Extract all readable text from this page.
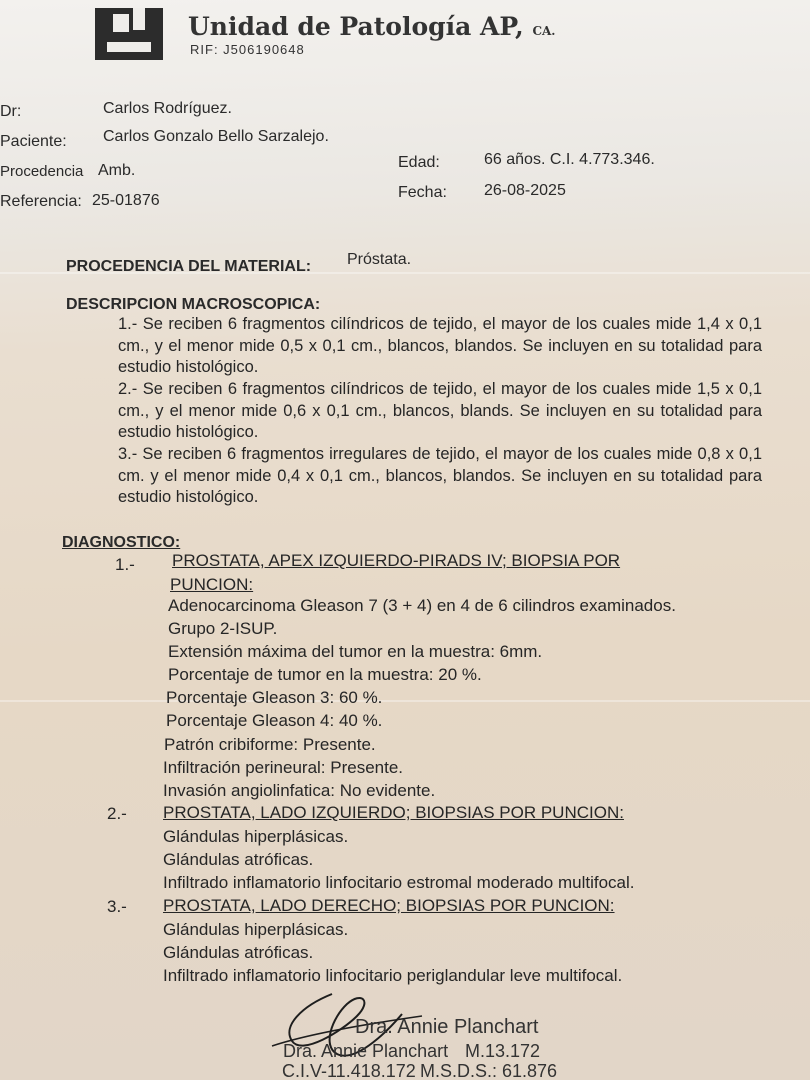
Unidad de Patología AP, CA.
RIF: J506190648
Dr:	Carlos Rodríguez.
Paciente: Carlos Gonzalo Bello Sarzalejo.
Procedencia Amb.
Referencia: 25-01876
Edad:	66 años. C.I. 4.773.346.
Fecha: 26-08-2025
PROCEDENCIA DEL MATERIAL: Próstata.
DESCRIPCION MACROSCOPICA:
1.- Se reciben 6 fragmentos cilíndricos de tejido, el mayor de los cuales mide 1,4 x 0,1 cm., y el menor mide 0,5 x 0,1 cm., blancos, blandos. Se incluyen en su totalidad para estudio histológico.
2.- Se reciben 6 fragmentos cilíndricos de tejido, el mayor de los cuales mide 1,5 x 0,1 cm., y el menor mide 0,6 x 0,1 cm., blancos, blands. Se incluyen en su totalidad para estudio histológico.
3.- Se reciben 6 fragmentos irregulares de tejido, el mayor de los cuales mide 0,8 x 0,1 cm. y el menor mide 0,4 x 0,1 cm., blancos, blandos. Se incluyen en su totalidad para estudio histológico.
DIAGNOSTICO:
1.- PROSTATA, APEX IZQUIERDO-PIRADS IV; BIOPSIA POR
PUNCION:
Adenocarcinoma Gleason 7 (3 + 4) en 4 de 6 cilindros examinados.
Grupo 2-ISUP.
Extensión máxima del tumor en la muestra: 6mm.
Porcentaje de tumor en la muestra: 20 %.
Porcentaje Gleason 3: 60 %.
Porcentaje Gleason 4: 40 %.
Patrón cribiforme: Presente.
Infiltración perineural: Presente.
Invasión angiolinfatica: No evidente.
2.- PROSTATA, LADO IZQUIERDO; BIOPSIAS POR PUNCION:
Glándulas hiperplásicas.
Glándulas atróficas.
Infiltrado inflamatorio linfocitario estromal moderado multifocal.
3.- PROSTATA, LADO DERECHO; BIOPSIAS POR PUNCION:
Glándulas hiperplásicas.
Glándulas atróficas.
Infiltrado inflamatorio linfocitario periglandular leve multifocal.
Dra. Annie Planchart
Dra. Annie Planchart M.13.172
C.I.V-11.418.172 M.S.D.S.: 61.876
